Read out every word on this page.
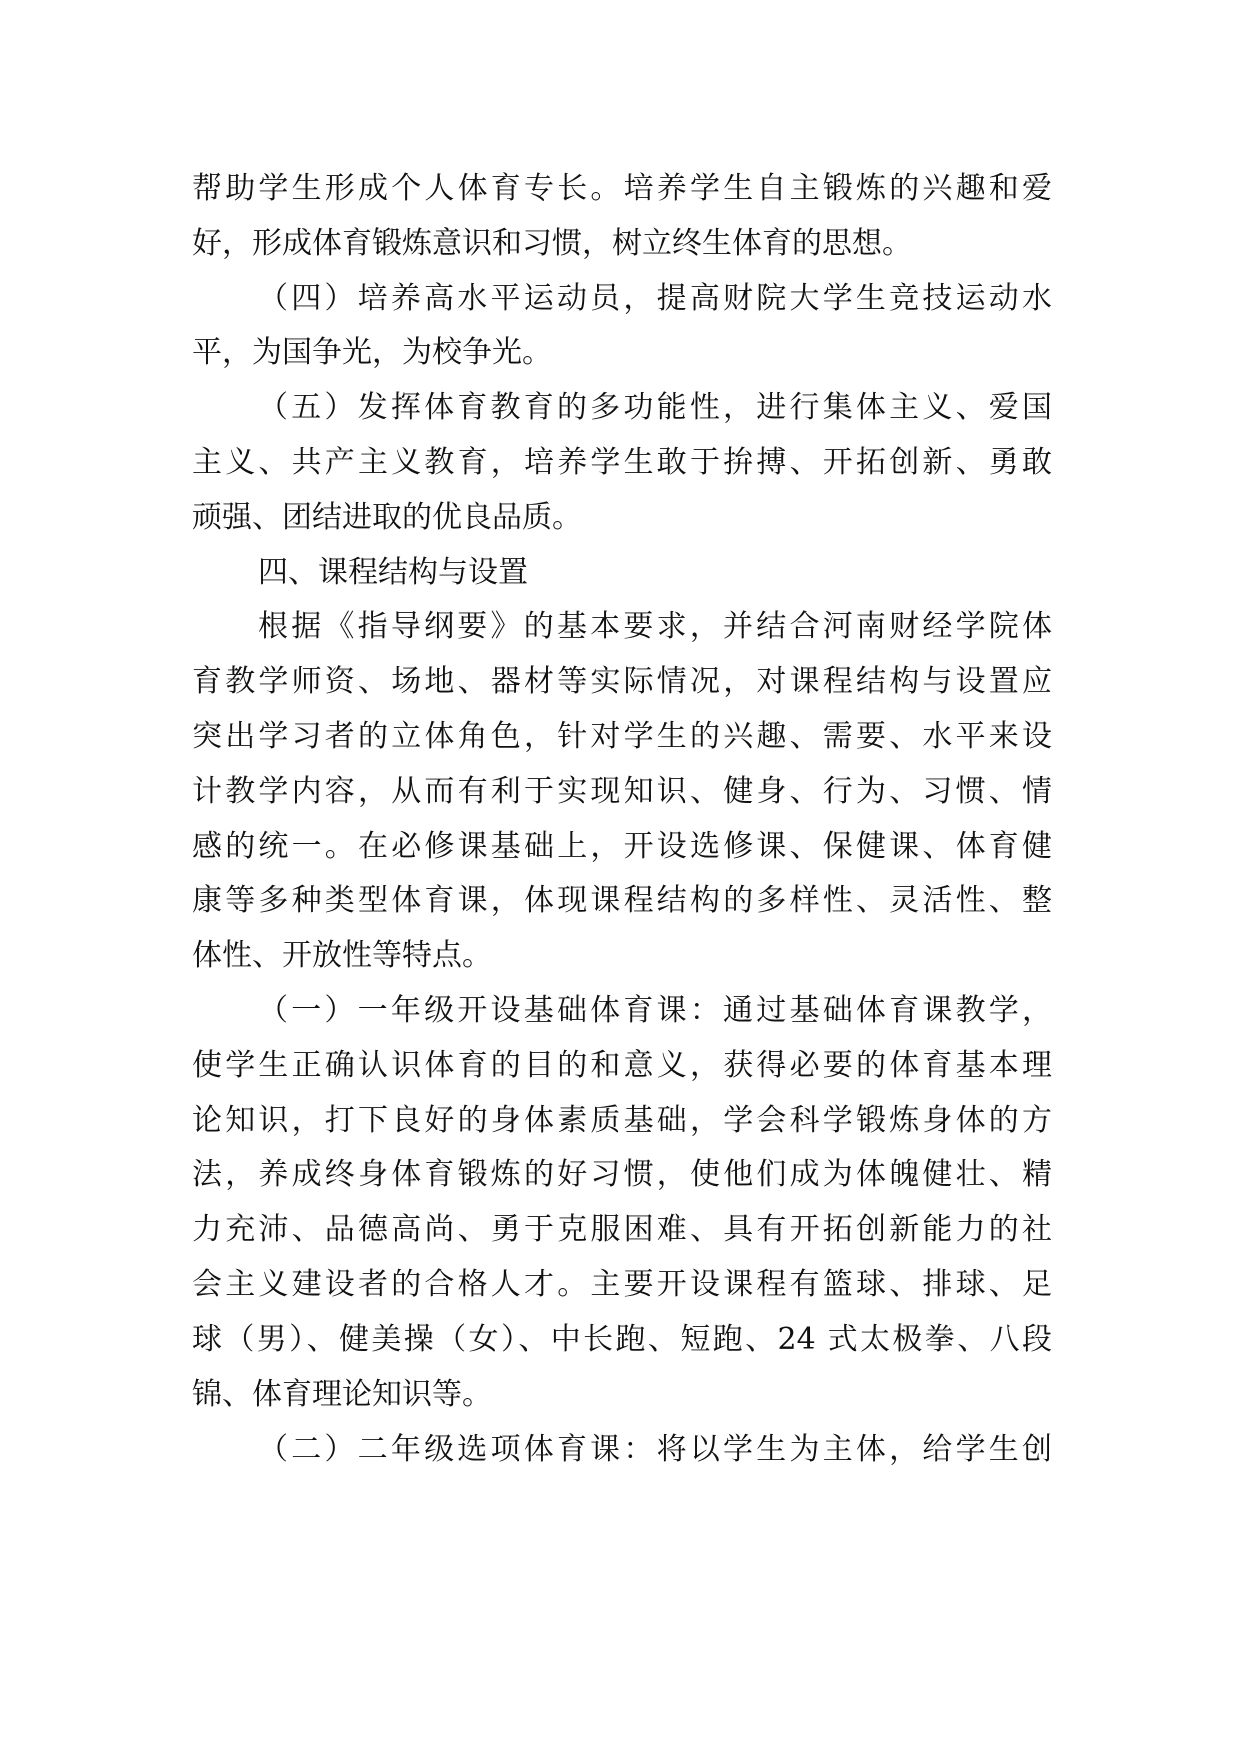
帮助学生形成个人体育专长。培养学生自主锻炼的兴趣和爱
好，形成体育锻炼意识和习惯，树立终生体育的思想。
（四）培养高水平运动员，提高财院大学生竞技运动水
平，为国争光，为校争光。
（五）发挥体育教育的多功能性，进行集体主义、爱国
主义、共产主义教育，培养学生敢于拚搏、开拓创新、勇敢
顽强、团结进取的优良品质。
四、课程结构与设置
根据《指导纲要》的基本要求，并结合河南财经学院体
育教学师资、场地、器材等实际情况，对课程结构与设置应
突出学习者的立体角色，针对学生的兴趣、需要、水平来设
计教学内容，从而有利于实现知识、健身、行为、习惯、情
感的统一。在必修课基础上，开设选修课、保健课、体育健
康等多种类型体育课，体现课程结构的多样性、灵活性、整
体性、开放性等特点。
（一）一年级开设基础体育课：通过基础体育课教学，
使学生正确认识体育的目的和意义，获得必要的体育基本理
论知识，打下良好的身体素质基础，学会科学锻炼身体的方
法，养成终身体育锻炼的好习惯，使他们成为体魄健壮、精
力充沛、品德高尚、勇于克服困难、具有开拓创新能力的社
会主义建设者的合格人才。主要开设课程有篮球、排球、足
球（男）、健美操（女）、中长跑、短跑、24 式太极拳、八段
锦、体育理论知识等。
（二）二年级选项体育课：将以学生为主体，给学生创
